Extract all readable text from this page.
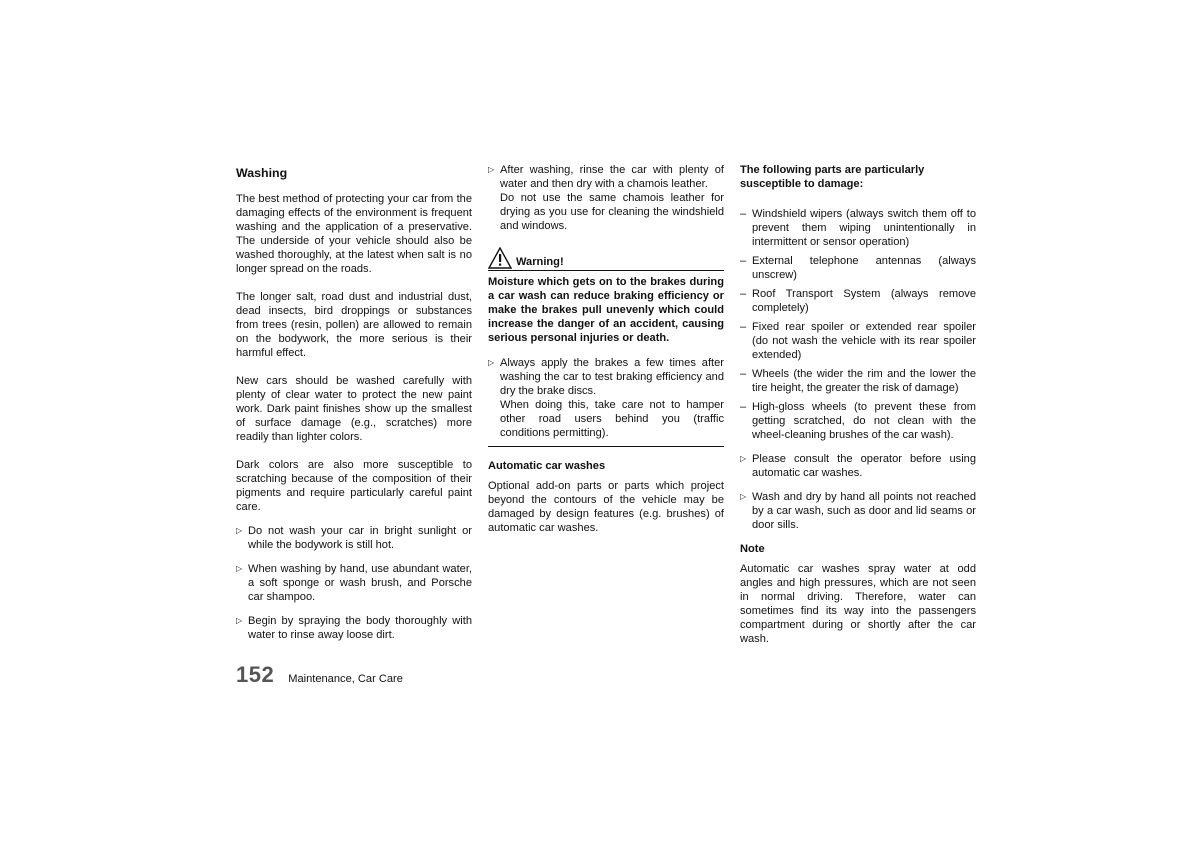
Washing

The best method of protecting your car from the damaging effects of the environment is frequent washing and the application of a preservative. The underside of your vehicle should also be washed thoroughly, at the latest when salt is no longer spread on the roads.

The longer salt, road dust and industrial dust, dead insects, bird droppings or substances from trees (resin, pollen) are allowed to remain on the bodywork, the more serious is their harmful effect.

New cars should be washed carefully with plenty of clear water to protect the new paint work. Dark paint finishes show up the smallest of surface damage (e.g., scratches) more readily than lighter colors.

Dark colors are also more susceptible to scratching because of the composition of their pigments and require particularly careful paint care.

▷ Do not wash your car in bright sunlight or while the bodywork is still hot.

▷ When washing by hand, use abundant water, a soft sponge or wash brush, and Porsche car shampoo.

▷ Begin by spraying the body thoroughly with water to rinse away loose dirt.

▷ After washing, rinse the car with plenty of water and then dry with a chamois leather.

Do not use the same chamois leather for drying as you use for cleaning the windshield and windows.

Warning!

Moisture which gets on to the brakes during a car wash can reduce braking efficiency or make the brakes pull unevenly which could increase the danger of an accident, causing serious personal injuries or death.

▷ Always apply the brakes a few times after washing the car to test braking efficiency and dry the brake discs.

When doing this, take care not to hamper other road users behind you (traffic conditions permitting).

Automatic car washes

Optional add-on parts or parts which project beyond the contours of the vehicle may be damaged by design features (e.g. brushes) of automatic car washes.

The following parts are particularly susceptible to damage:

– Windshield wipers (always switch them off to prevent them wiping unintentionally in intermittent or sensor operation)

– External telephone antennas (always unscrew)

– Roof Transport System (always remove completely)

– Fixed rear spoiler or extended rear spoiler (do not wash the vehicle with its rear spoiler extended)

– Wheels (the wider the rim and the lower the tire height, the greater the risk of damage)

– High-gloss wheels (to prevent these from getting scratched, do not clean with the wheel-cleaning brushes of the car wash).

▷ Please consult the operator before using automatic car washes.

▷ Wash and dry by hand all points not reached by a car wash, such as door and lid seams or door sills.

Note

Automatic car washes spray water at odd angles and high pressures, which are not seen in normal driving. Therefore, water can sometimes find its way into the passengers compartment during or shortly after the car wash.

152 Maintenance, Car Care
